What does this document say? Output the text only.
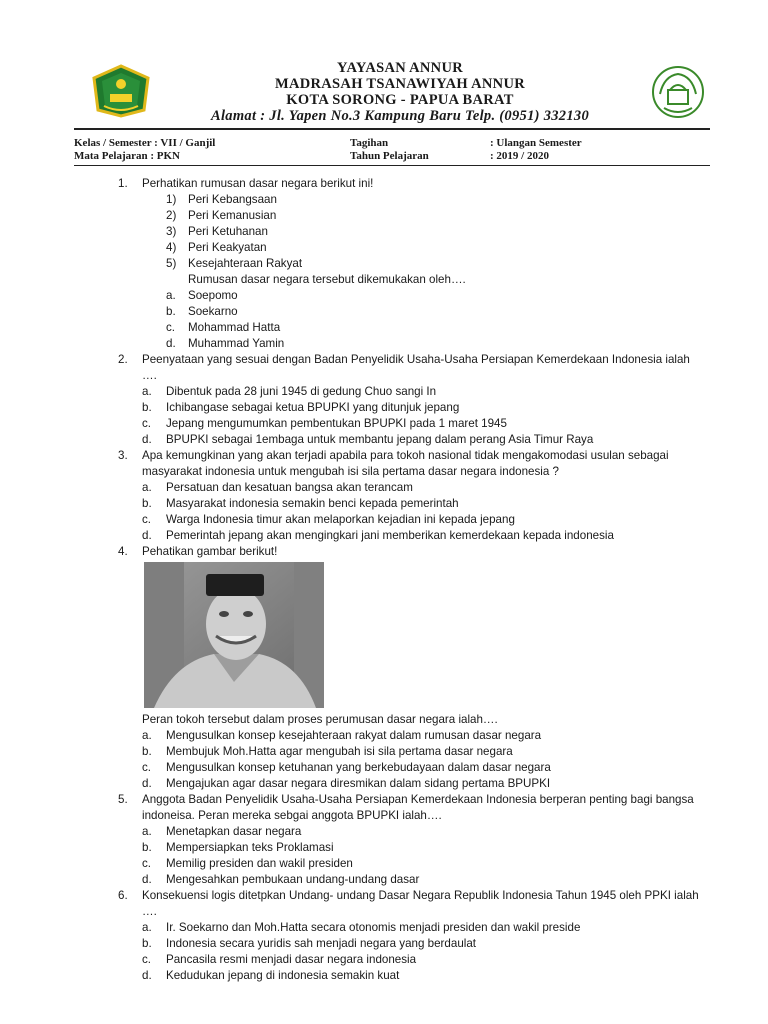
YAYASAN ANNUR
MADRASAH TSANAWIYAH ANNUR
KOTA SORONG - PAPUA BARAT
Alamat : Jl. Yapen No.3 Kampung Baru Telp. (0951) 332130
Kelas / Semester : VII / Ganjil	Tagihan	: Ulangan Semester
Mata Pelajaran : PKN	Tahun Pelajaran	: 2019 / 2020
1. Perhatikan rumusan dasar negara berikut ini!
1) Peri Kebangsaan
2) Peri Kemanusian
3) Peri Ketuhanan
4) Peri Keakyatan
5) Kesejahteraan Rakyat
Rumusan dasar negara tersebut dikemukakan oleh….
a. Soepomo
b. Soekarno
c. Mohammad Hatta
d. Muhammad Yamin
2. Peenyataan yang sesuai dengan Badan Penyelidik Usaha-Usaha Persiapan Kemerdekaan Indonesia ialah ….
a. Dibentuk pada 28 juni 1945 di gedung Chuo sangi In
b. Ichibangase sebagai ketua BPUPKI yang ditunjuk jepang
c. Jepang mengumumkan pembentukan BPUPKI pada 1 maret 1945
d. BPUPKI sebagai 1embaga untuk membantu jepang dalam perang Asia Timur Raya
3. Apa kemungkinan yang akan terjadi apabila para tokoh nasional tidak mengakomodasi usulan sebagai masyarakat indonesia untuk mengubah isi sila pertama dasar negara indonesia ?
a. Persatuan dan kesatuan bangsa akan terancam
b. Masyarakat indonesia semakin benci kepada pemerintah
c. Warga Indonesia timur akan melaporkan kejadian ini kepada jepang
d. Pemerintah jepang akan mengingkari jani memberikan kemerdekaan kepada indonesia
4. Pehatikan gambar berikut!
Peran tokoh tersebut dalam proses perumusan dasar negara ialah….
a. Mengusulkan konsep kesejahteraan rakyat dalam rumusan dasar negara
b. Membujuk Moh.Hatta agar mengubah isi sila pertama dasar negara
c. Mengusulkan konsep ketuhanan yang berkebudayaan dalam dasar negara
d. Mengajukan agar dasar negara diresmikan dalam sidang pertama BPUPKI
5. Anggota Badan Penyelidik Usaha-Usaha Persiapan Kemerdekaan Indonesia berperan penting bagi bangsa indoneisa. Peran mereka sebgai anggota BPUPKI ialah….
a. Menetapkan dasar negara
b. Mempersiapkan teks Proklamasi
c. Memilig presiden dan wakil presiden
d. Mengesahkan pembukaan undang-undang dasar
6. Konsekuensi logis ditetpkan Undang- undang Dasar Negara Republik Indonesia Tahun 1945 oleh PPKI ialah ….
a. Ir. Soekarno dan Moh.Hatta secara otonomis menjadi presiden dan wakil preside
b. Indonesia secara yuridis sah menjadi negara yang berdaulat
c. Pancasila resmi menjadi dasar negara indonesia
d. Kedudukan jepang di indonesia semakin kuat
